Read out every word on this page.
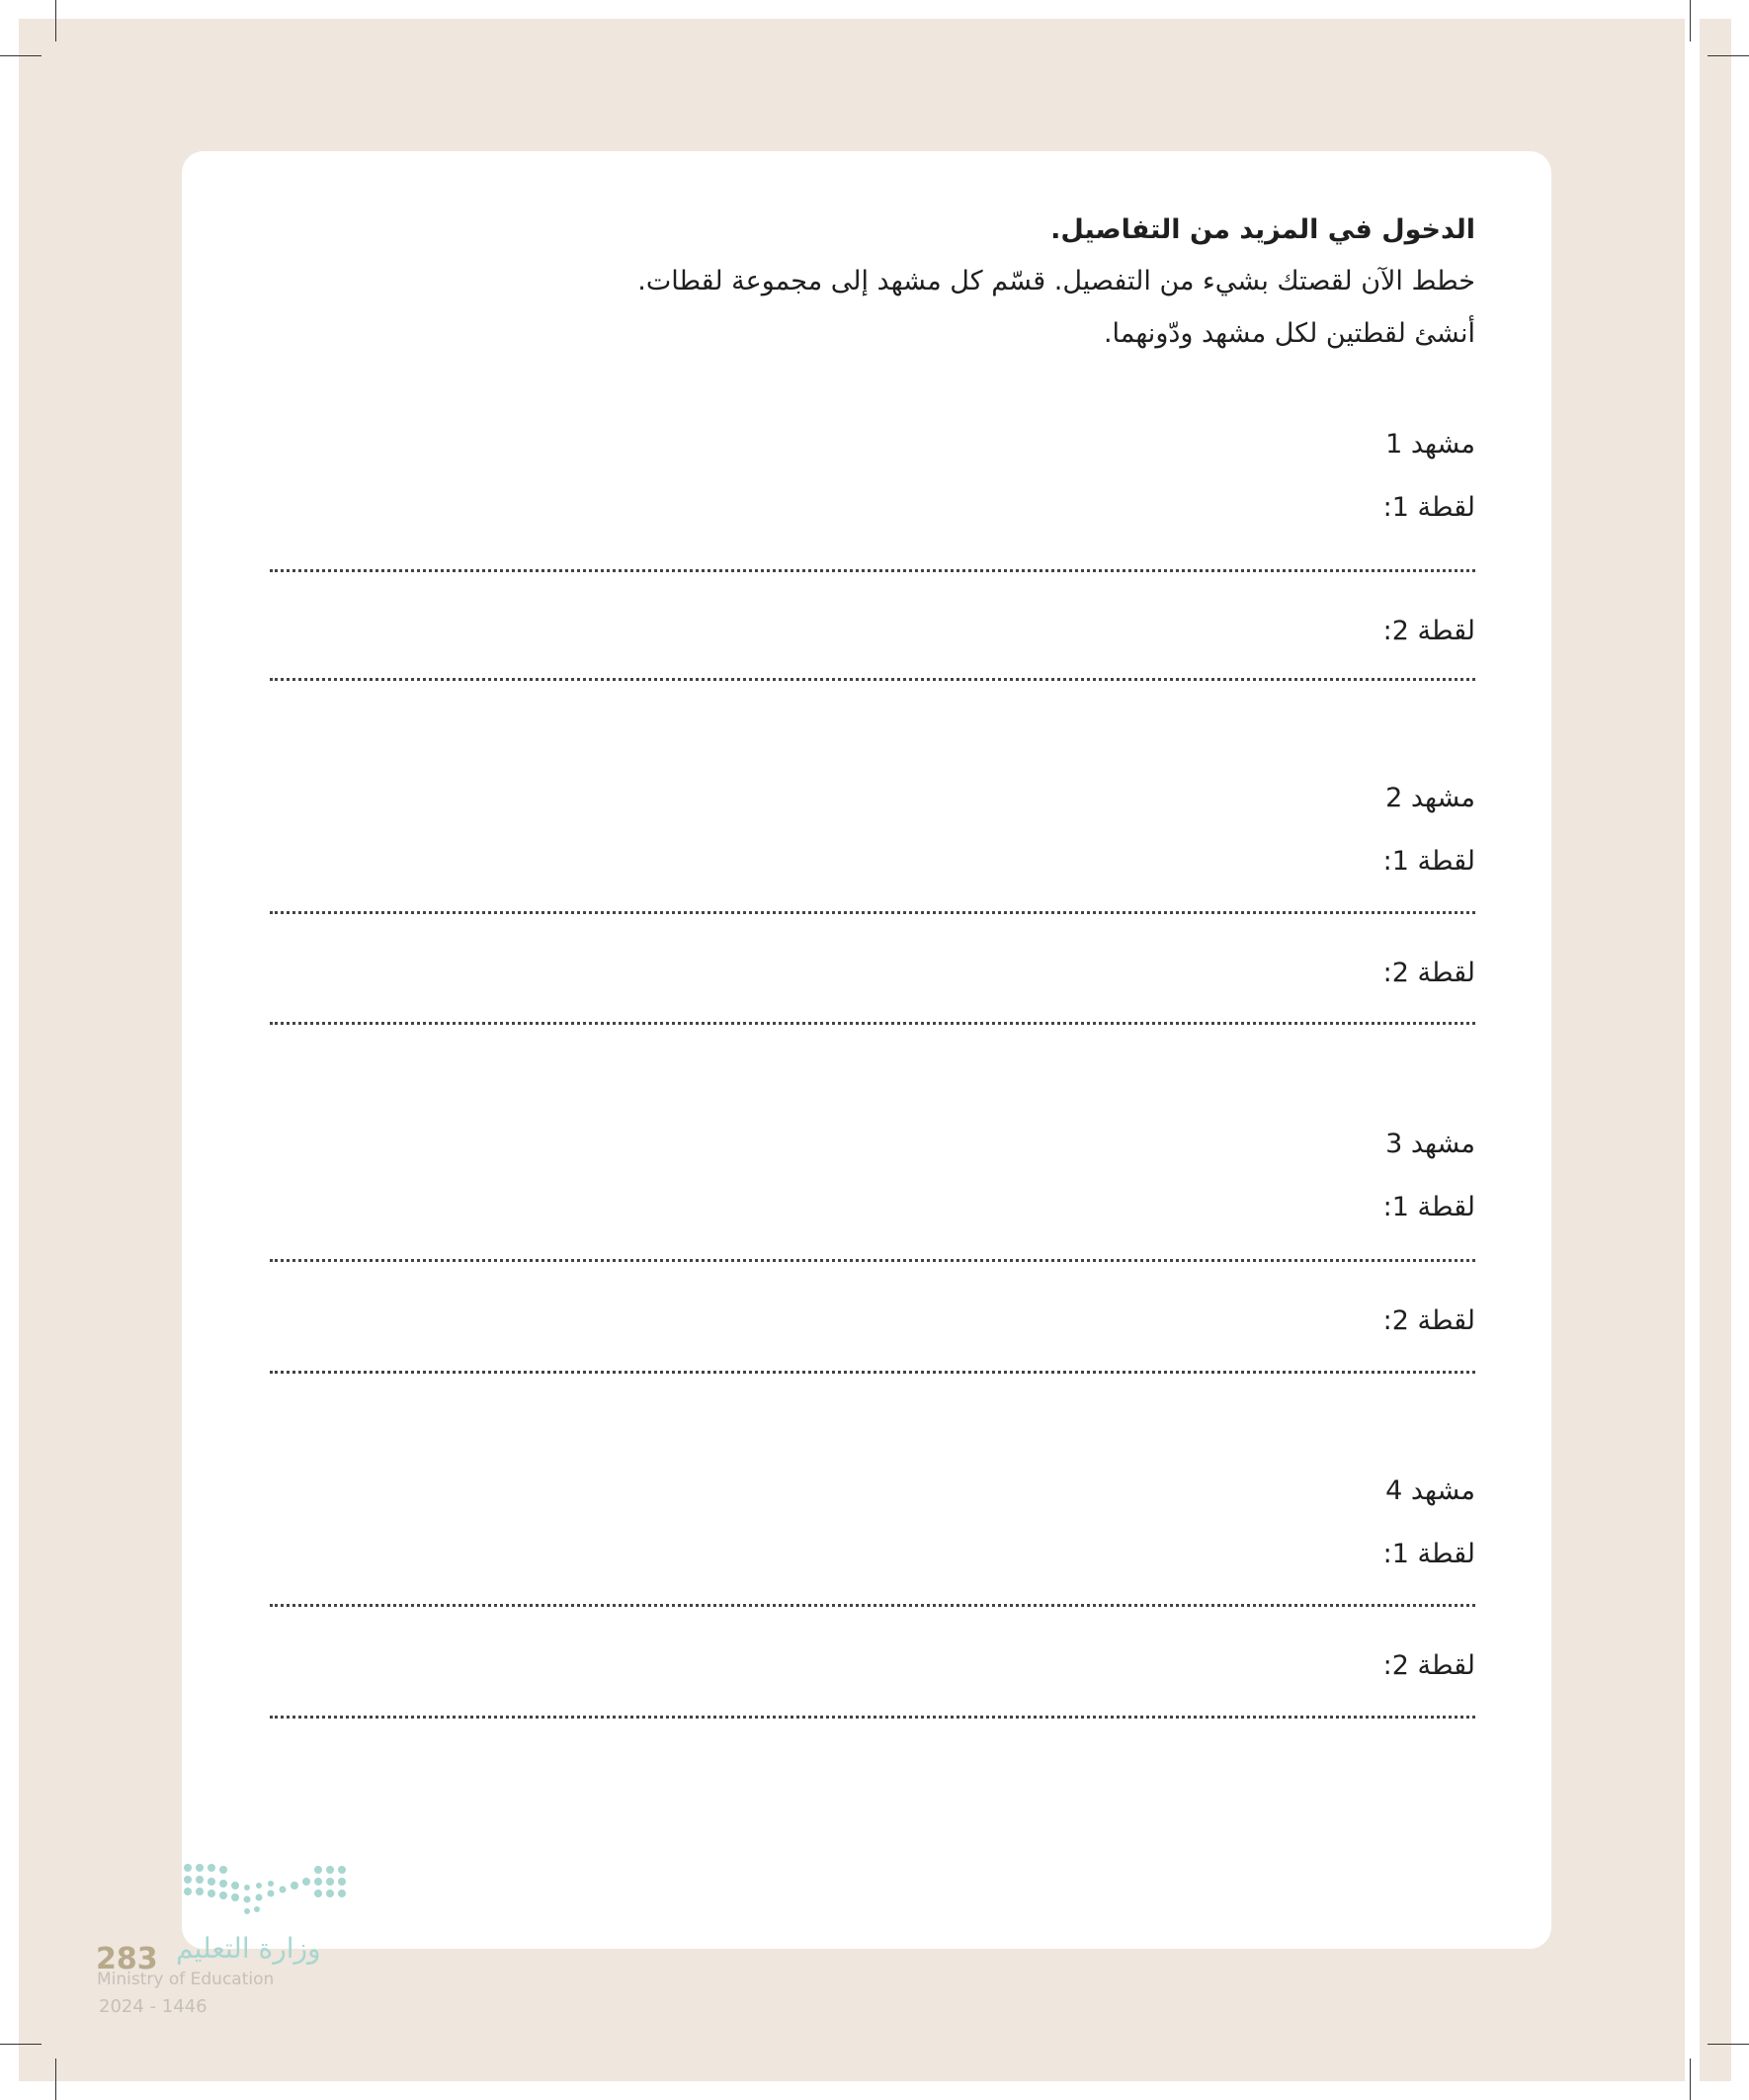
الدخول في المزيد من التفاصيل.

خطط الآن لقصتك بشيء من التفصيل. قسّم كل مشهد إلى مجموعة لقطات.

أنشئ لقطتين لكل مشهد ودّونهما.

مشهد 1

لقطة 1:

لقطة 2:

مشهد 2

لقطة 1:

لقطة 2:

مشهد 3

لقطة 1:

لقطة 2:

مشهد 4

لقطة 1:

لقطة 2:

وزارة التعليم
283
Ministry of Education
2024 - 1446
